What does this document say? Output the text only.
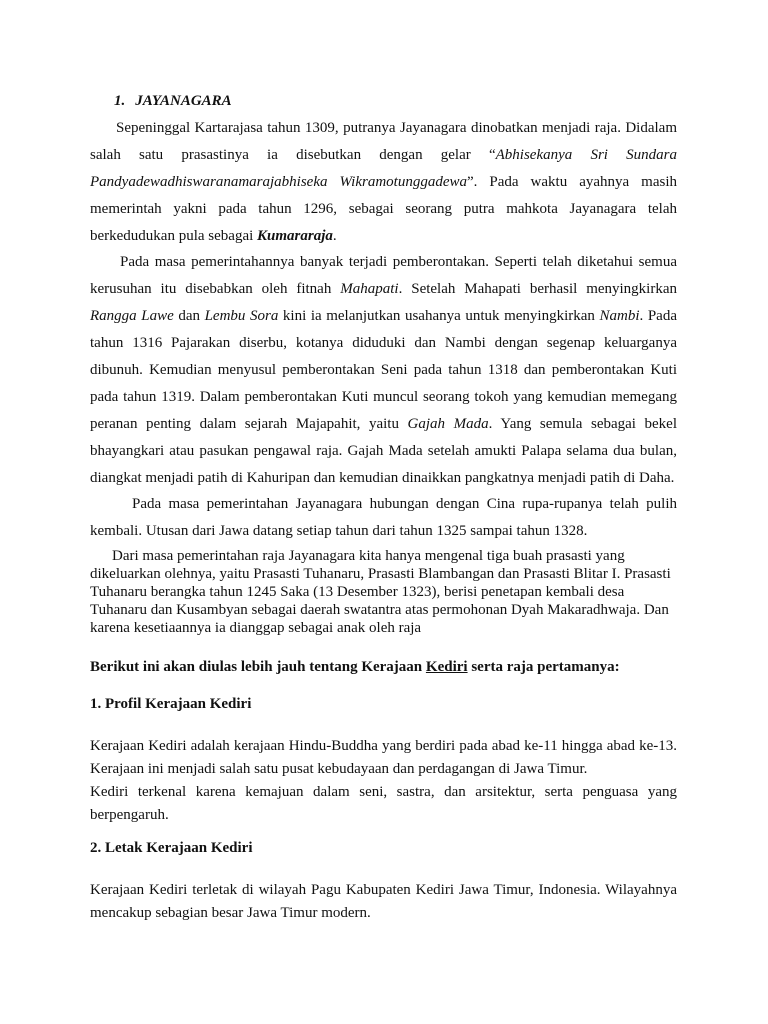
1. JAYANAGARA

Sepeninggal Kartarajasa tahun 1309, putranya Jayanagara dinobatkan menjadi raja. Didalam salah satu prasastinya ia disebutkan dengan gelar “Abhisekanya Sri Sundara Pandyadewadhiswaranamarajabhiseka Wikramotunggadewa”. Pada waktu ayahnya masih memerintah yakni pada tahun 1296, sebagai seorang putra mahkota Jayanagara telah berkedudukan pula sebagai Kumararaja.

Pada masa pemerintahannya banyak terjadi pemberontakan. Seperti telah diketahui semua kerusuhan itu disebabkan oleh fitnah Mahapati. Setelah Mahapati berhasil menyingkirkan Rangga Lawe dan Lembu Sora kini ia melanjutkan usahanya untuk menyingkirkan Nambi. Pada tahun 1316 Pajarakan diserbu, kotanya diduduki dan Nambi dengan segenap keluarganya dibunuh. Kemudian menyusul pemberontakan Seni pada tahun 1318 dan pemberontakan Kuti pada tahun 1319. Dalam pemberontakan Kuti muncul seorang tokoh yang kemudian memegang peranan penting dalam sejarah Majapahit, yaitu Gajah Mada. Yang semula sebagai bekel bhayangkari atau pasukan pengawal raja. Gajah Mada setelah amukti Palapa selama dua bulan, diangkat menjadi patih di Kahuripan dan kemudian dinaikkan pangkatnya menjadi patih di Daha.

Pada masa pemerintahan Jayanagara hubungan dengan Cina rupa-rupanya telah pulih kembali. Utusan dari Jawa datang setiap tahun dari tahun 1325 sampai tahun 1328.

Dari masa pemerintahan raja Jayanagara kita hanya mengenal tiga buah prasasti yang dikeluarkan olehnya, yaitu Prasasti Tuhanaru, Prasasti Blambangan dan Prasasti Blitar I. Prasasti Tuhanaru berangka tahun 1245 Saka (13 Desember 1323), berisi penetapan kembali desa Tuhanaru dan Kusambyan sebagai daerah swatantra atas permohonan Dyah Makaradhwaja. Dan karena kesetiaannya ia dianggap sebagai anak oleh raja

Berikut ini akan diulas lebih jauh tentang Kerajaan Kediri serta raja pertamanya:

1. Profil Kerajaan Kediri

Kerajaan Kediri adalah kerajaan Hindu-Buddha yang berdiri pada abad ke-11 hingga abad ke-13. Kerajaan ini menjadi salah satu pusat kebudayaan dan perdagangan di Jawa Timur.

Kediri terkenal karena kemajuan dalam seni, sastra, dan arsitektur, serta penguasa yang berpengaruh.

2. Letak Kerajaan Kediri

Kerajaan Kediri terletak di wilayah Pagu Kabupaten Kediri Jawa Timur, Indonesia. Wilayahnya mencakup sebagian besar Jawa Timur modern.
